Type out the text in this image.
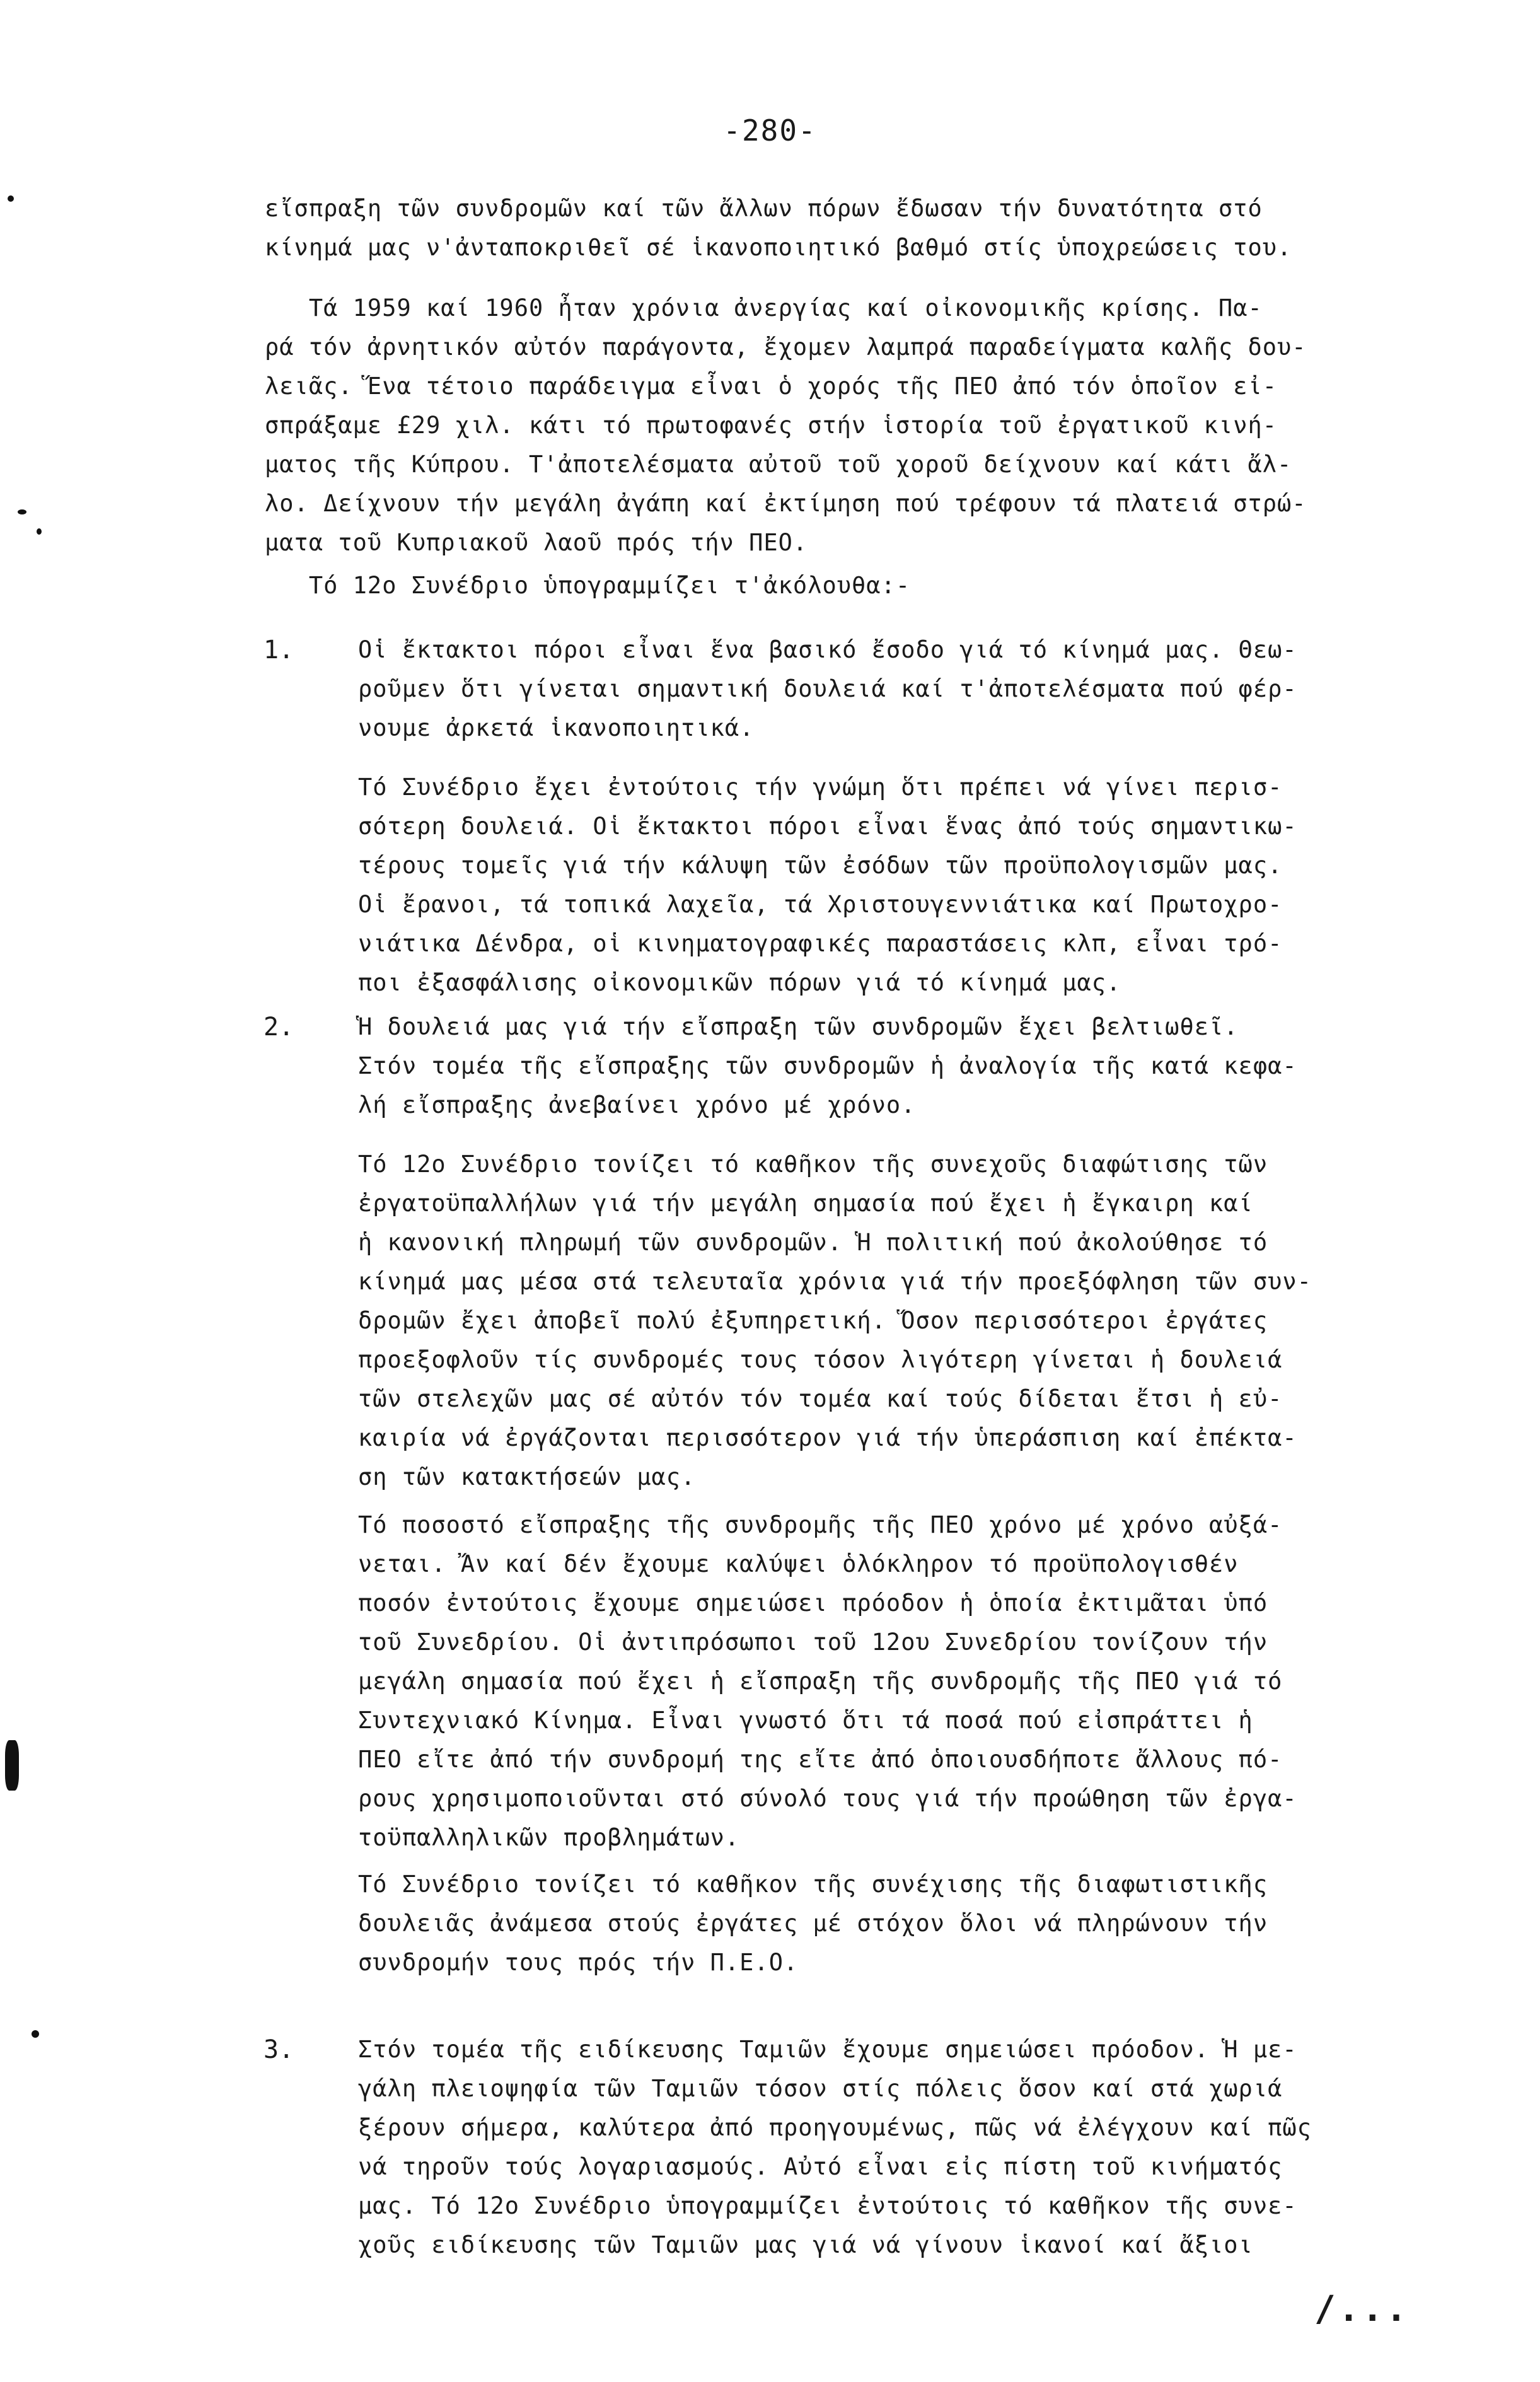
-280-
εἴσπραξη τῶν συνδρομῶν καί τῶν ἄλλων πόρων ἔδωσαν τήν δυνατότητα στό
κίνημά μας ν'ἀνταποκριθεῖ σέ ἱκανοποιητικό βαθμό στίς ὑποχρεώσεις του.
Τά 1959 καί 1960 ἦταν χρόνια ἀνεργίας καί οἰκονομικῆς κρίσης. Πα-
ρά τόν ἀρνητικόν αὐτόν παράγοντα, ἔχομεν λαμπρά παραδείγματα καλῆς δου-
λειᾶς. Ἕνα τέτοιο παράδειγμα εἶναι ὁ χορός τῆς ΠΕΟ ἀπό τόν ὁποῖον εἰ-
σπράξαμε £29 χιλ. κάτι τό πρωτοφανές στήν ἱστορία τοῦ ἐργατικοῦ κινή-
ματος τῆς Κύπρου. Τ'ἀποτελέσματα αὐτοῦ τοῦ χοροῦ δείχνουν καί κάτι ἄλ-
λο. Δείχνουν τήν μεγάλη ἀγάπη καί ἐκτίμηση πού τρέφουν τά πλατειά στρώ-
ματα τοῦ Κυπριακοῦ λαοῦ πρός τήν ΠΕΟ.
Τό 12ο Συνέδριο ὑπογραμμίζει τ'ἀκόλουθα:-
1.	Οἱ ἔκτακτοι πόροι εἶναι ἕνα βασικό ἔσοδο γιά τό κίνημά μας. Θεω-
ροῦμεν ὅτι γίνεται σημαντική δουλειά καί τ'ἀποτελέσματα πού φέρ-
νουμε ἀρκετά ἱκανοποιητικά.
Τό Συνέδριο ἔχει ἐντούτοις τήν γνώμη ὅτι πρέπει νά γίνει περισ-
σότερη δουλειά. Οἱ ἔκτακτοι πόροι εἶναι ἕνας ἀπό τούς σημαντικω-
τέρους τομεῖς γιά τήν κάλυψη τῶν ἐσόδων τῶν προϋπολογισμῶν μας.
Οἱ ἔρανοι, τά τοπικά λαχεῖα, τά Χριστουγεννιάτικα καί Πρωτοχρο-
νιάτικα Δένδρα, οἱ κινηματογραφικές παραστάσεις κλπ, εἶναι τρό-
ποι ἐξασφάλισης οἰκονομικῶν πόρων γιά τό κίνημά μας.
2.	Ἡ δουλειά μας γιά τήν εἴσπραξη τῶν συνδρομῶν ἔχει βελτιωθεῖ.
Στόν τομέα τῆς εἴσπραξης τῶν συνδρομῶν ἡ ἀναλογία τῆς κατά κεφα-
λή εἴσπραξης ἀνεβαίνει χρόνο μέ χρόνο.
Τό 12ο Συνέδριο τονίζει τό καθῆκον τῆς συνεχοῦς διαφώτισης τῶν
ἐργατοϋπαλλήλων γιά τήν μεγάλη σημασία πού ἔχει ἡ ἔγκαιρη καί
ἡ κανονική πληρωμή τῶν συνδρομῶν. Ἡ πολιτική πού ἀκολούθησε τό
κίνημά μας μέσα στά τελευταῖα χρόνια γιά τήν προεξόφληση τῶν συν-
δρομῶν ἔχει ἀποβεῖ πολύ ἐξυπηρετική. Ὅσον περισσότεροι ἐργάτες
προεξοφλοῦν τίς συνδρομές τους τόσον λιγότερη γίνεται ἡ δουλειά
τῶν στελεχῶν μας σέ αὐτόν τόν τομέα καί τούς δίδεται ἔτσι ἡ εὐ-
καιρία νά ἐργάζονται περισσότερον γιά τήν ὑπεράσπιση καί ἐπέκτα-
ση τῶν κατακτήσεών μας.
Τό ποσοστό εἴσπραξης τῆς συνδρομῆς τῆς ΠΕΟ χρόνο μέ χρόνο αὐξά-
νεται. Ἄν καί δέν ἔχουμε καλύψει ὁλόκληρον τό προϋπολογισθέν
ποσόν ἐντούτοις ἔχουμε σημειώσει πρόοδον ἡ ὁποία ἐκτιμᾶται ὑπό
τοῦ Συνεδρίου. Οἱ ἀντιπρόσωποι τοῦ 12ου Συνεδρίου τονίζουν τήν
μεγάλη σημασία πού ἔχει ἡ εἴσπραξη τῆς συνδρομῆς τῆς ΠΕΟ γιά τό
Συντεχνιακό Κίνημα. Εἶναι γνωστό ὅτι τά ποσά πού εἰσπράττει ἡ
ΠΕΟ εἴτε ἀπό τήν συνδρομή της εἴτε ἀπό ὁποιουσδήποτε ἄλλους πό-
ρους χρησιμοποιοῦνται στό σύνολό τους γιά τήν προώθηση τῶν ἐργα-
τοϋπαλληλικῶν προβλημάτων.
Τό Συνέδριο τονίζει τό καθῆκον τῆς συνέχισης τῆς διαφωτιστικῆς
δουλειᾶς ἀνάμεσα στούς ἐργάτες μέ στόχον ὅλοι νά πληρώνουν τήν
συνδρομήν τους πρός τήν Π.Ε.Ο.
3.	Στόν τομέα τῆς ειδίκευσης Ταμιῶν ἔχουμε σημειώσει πρόοδον. Ἡ με-
γάλη πλειοψηφία τῶν Ταμιῶν τόσον στίς πόλεις ὅσον καί στά χωριά
ξέρουν σήμερα, καλύτερα ἀπό προηγουμένως, πῶς νά ἐλέγχουν καί πῶς
νά τηροῦν τούς λογαριασμούς. Αὐτό εἶναι εἰς πίστη τοῦ κινήματός
μας. Τό 12ο Συνέδριο ὑπογραμμίζει ἐντούτοις τό καθῆκον τῆς συνε-
χοῦς ειδίκευσης τῶν Ταμιῶν μας γιά νά γίνουν ἱκανοί καί ἄξιοι
/...
